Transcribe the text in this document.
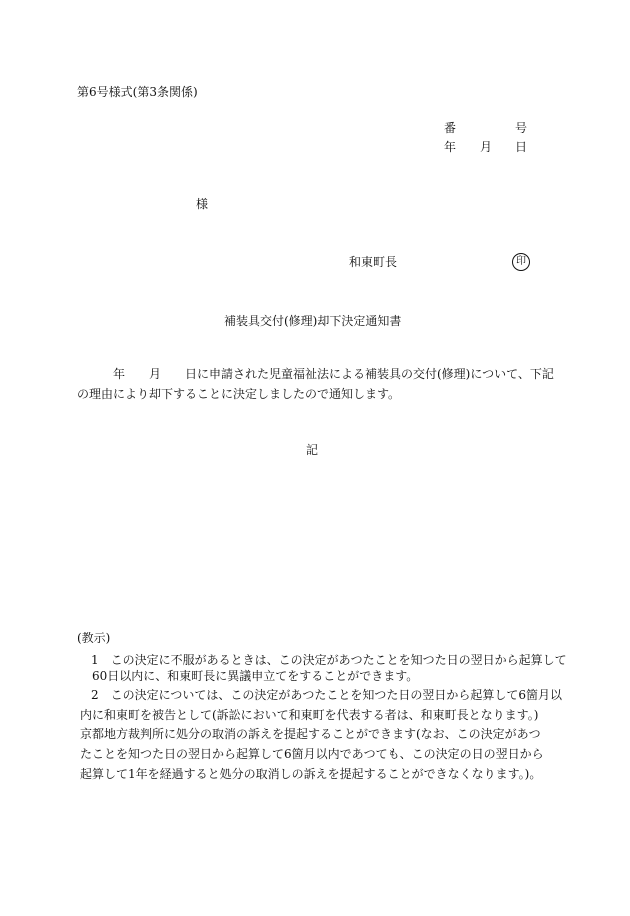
第6号様式(第3条関係)
番	号
年 月 日
様
和東町長	印
補装具交付(修理)却下決定通知書
　　　年　　月　　日に申請された児童福祉法による補装具の交付(修理)について、下記
の理由により却下することに決定しましたので通知します。
記
(教示)
1　この決定に不服があるときは、この決定があつたことを知つた日の翌日から起算して
60日以内に、和東町長に異議申立てをすることができます。
2　この決定については、この決定があつたことを知つた日の翌日から起算して6箇月以
内に和東町を被告として(訴訟において和東町を代表する者は、和東町長となります。)
京都地方裁判所に処分の取消の訴えを提起することができます(なお、この決定があつ
たことを知つた日の翌日から起算して6箇月以内であつても、この決定の日の翌日から
起算して1年を経過すると処分の取消しの訴えを提起することができなくなります。)。
